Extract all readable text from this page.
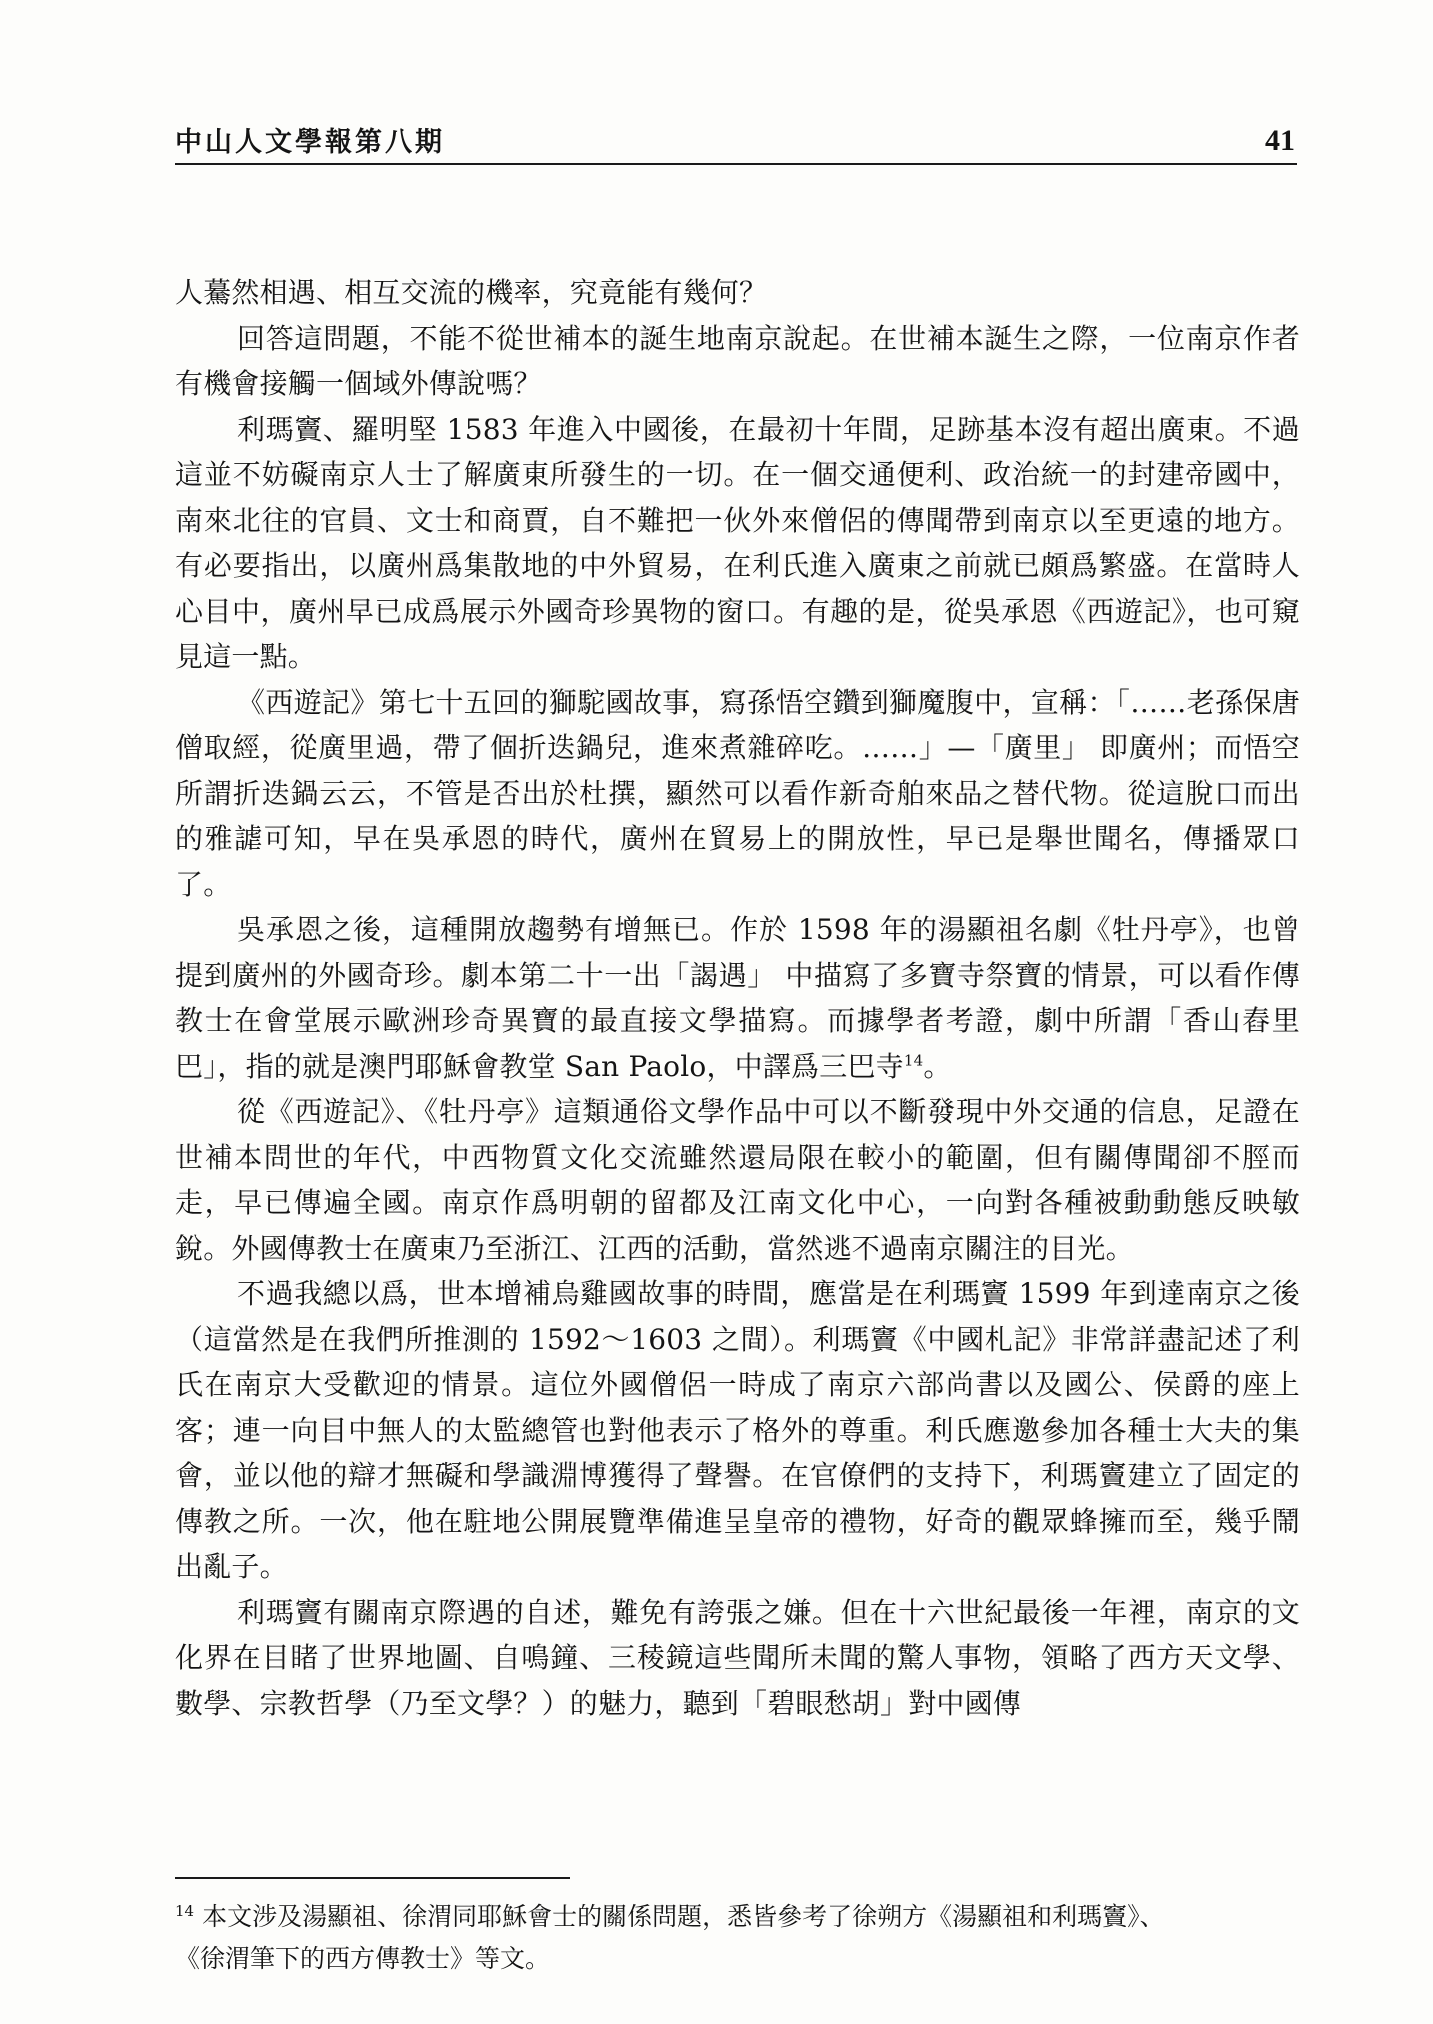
中山人文學報第八期	41

人驀然相遇、相互交流的機率，究竟能有幾何？

回答這問題，不能不從世補本的誕生地南京說起。在世補本誕生之際，一位南京作者有機會接觸一個域外傳說嗎？

利瑪竇、羅明堅 1583 年進入中國後，在最初十年間，足跡基本沒有超出廣東。不過這並不妨礙南京人士了解廣東所發生的一切。在一個交通便利、政治統一的封建帝國中，南來北往的官員、文士和商賈，自不難把一伙外來僧侶的傳聞帶到南京以至更遠的地方。有必要指出，以廣州爲集散地的中外貿易，在利氏進入廣東之前就已頗爲繁盛。在當時人心目中，廣州早已成爲展示外國奇珍異物的窗口。有趣的是，從吳承恩《西遊記》，也可窺見這一點。

《西遊記》第七十五回的獅駝國故事，寫孫悟空鑽到獅魔腹中，宣稱：「……老孫保唐僧取經，從廣里過，帶了個折迭鍋兒，進來煮雜碎吃。……」—「廣里」 即廣州；而悟空所謂折迭鍋云云，不管是否出於杜撰，顯然可以看作新奇舶來品之替代物。從這脫口而出的雅謔可知，早在吳承恩的時代，廣州在貿易上的開放性，早已是舉世聞名，傳播眾口了。

吳承恩之後，這種開放趨勢有增無已。作於 1598 年的湯顯祖名劇《牡丹亭》，也曾提到廣州的外國奇珍。劇本第二十一出「謁遇」 中描寫了多寶寺祭寶的情景，可以看作傳教士在會堂展示歐洲珍奇異寶的最直接文學描寫。而據學者考證，劇中所謂「香山舂里巴」，指的就是澳門耶穌會教堂 San Paolo，中譯爲三巴寺$^{14}$。

從《西遊記》、《牡丹亭》這類通俗文學作品中可以不斷發現中外交通的信息，足證在世補本問世的年代，中西物質文化交流雖然還局限在較小的範圍，但有關傳聞卻不脛而走，早已傳遍全國。南京作爲明朝的留都及江南文化中心，一向對各種被動動態反映敏銳。外國傳教士在廣東乃至浙江、江西的活動，當然逃不過南京關注的目光。

不過我總以爲，世本增補烏雞國故事的時間，應當是在利瑪竇 1599 年到達南京之後（這當然是在我們所推測的 1592～1603 之間）。利瑪竇《中國札記》非常詳盡記述了利氏在南京大受歡迎的情景。這位外國僧侶一時成了南京六部尚書以及國公、侯爵的座上客；連一向目中無人的太監總管也對他表示了格外的尊重。利氏應邀參加各種士大夫的集會，並以他的辯才無礙和學識淵博獲得了聲譽。在官僚們的支持下，利瑪竇建立了固定的傳教之所。一次，他在駐地公開展覽準備進呈皇帝的禮物，好奇的觀眾蜂擁而至，幾乎鬧出亂子。

利瑪竇有關南京際遇的自述，難免有誇張之嫌。但在十六世紀最後一年裡，南京的文化界在目睹了世界地圖、自鳴鐘、三稜鏡這些聞所未聞的驚人事物，領略了西方天文學、數學、宗教哲學（乃至文學？）的魅力，聽到「碧眼愁胡」對中國傳

$^{14}$ 本文涉及湯顯祖、徐渭同耶穌會士的關係問題，悉皆參考了徐朔方《湯顯祖和利瑪竇》、

《徐渭筆下的西方傳教士》等文。
